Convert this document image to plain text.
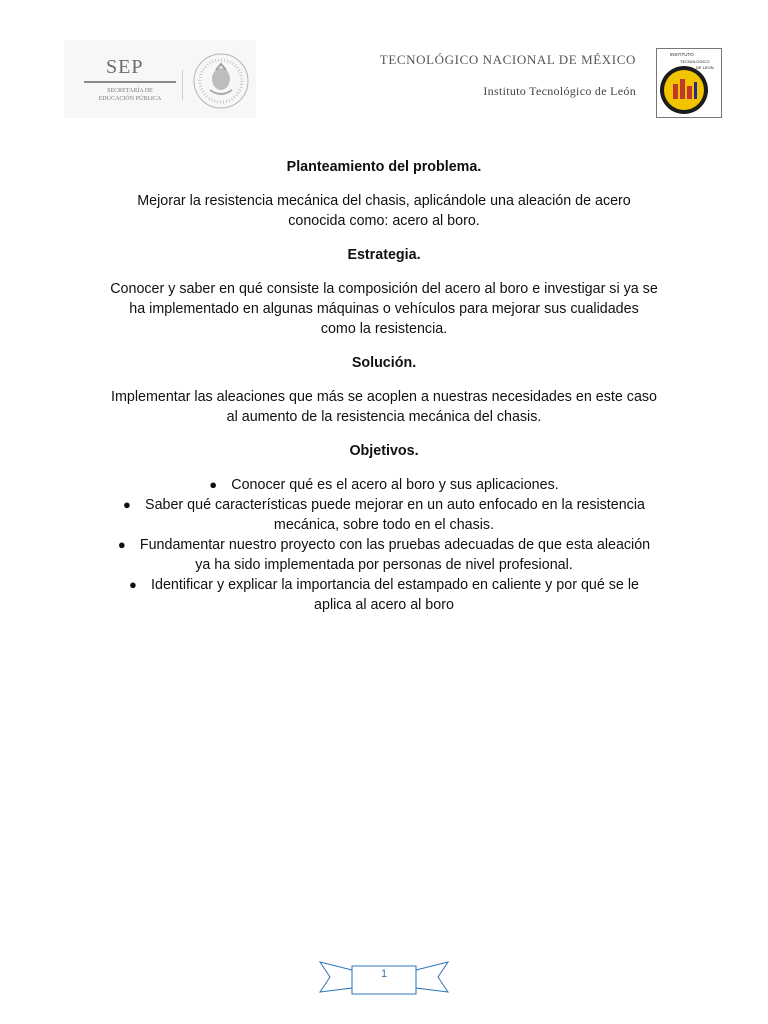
SEP
SECRETARÍA DE
EDUCACIÓN PÚBLICA
TECNOLÓGICO NACIONAL DE MÉXICO
Instituto Tecnológico de León
INSTITUTO
TECNOLOGICO
DE LEON
Planteamiento del problema.

Mejorar la resistencia mecánica del chasis, aplicándole una aleación de acero conocida como: acero al boro.

Estrategia.

Conocer y saber en qué consiste la composición del acero al boro e investigar si ya se ha implementado en algunas máquinas o vehículos para mejorar sus cualidades como la resistencia.

Solución.

Implementar las aleaciones que más se acoplen a nuestras necesidades en este caso al aumento de la resistencia mecánica del chasis.

Objetivos.
● Conocer qué es el acero al boro y sus aplicaciones.
● Saber qué características puede mejorar en un auto enfocado en la resistencia mecánica, sobre todo en el chasis.
● Fundamentar nuestro proyecto con las pruebas adecuadas de que esta aleación ya ha sido implementada por personas de nivel profesional.
● Identificar y explicar la importancia del estampado en caliente y por qué se le aplica al acero al boro
1
